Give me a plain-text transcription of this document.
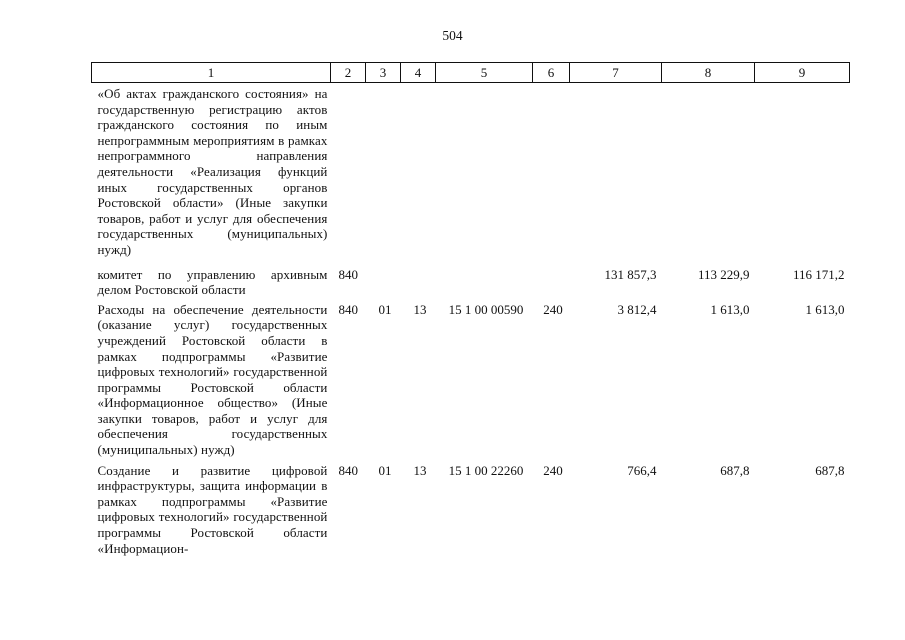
504
1	2	3	4	5	6	7	8	9
«Об актах гражданского состояния» на государственную регистрацию актов гражданского состояния по иным непрограммным мероприятиям в рамках непрограммного направления деятельности «Реализация функций иных государственных органов Ростовской области» (Иные закупки товаров, работ и услуг для обеспечения государственных (муниципальных) нужд)								
комитет по управлению архивным делом Ростовской области	840					131 857,3	113 229,9	116 171,2
Расходы на обеспечение деятельности (оказание услуг) государственных учреждений Ростовской области в рамках подпрограммы «Развитие цифровых технологий» государственной программы Ростовской области «Информационное общество» (Иные закупки товаров, работ и услуг для обеспечения государственных (муниципальных) нужд)	840	01	13	15 1 00 00590	240	3 812,4	1 613,0	1 613,0
Создание и развитие цифровой инфраструктуры, защита информации в рамках подпрограммы «Развитие цифровых технологий» государственной программы Ростовской области «Информацион-	840	01	13	15 1 00 22260	240	766,4	687,8	687,8
